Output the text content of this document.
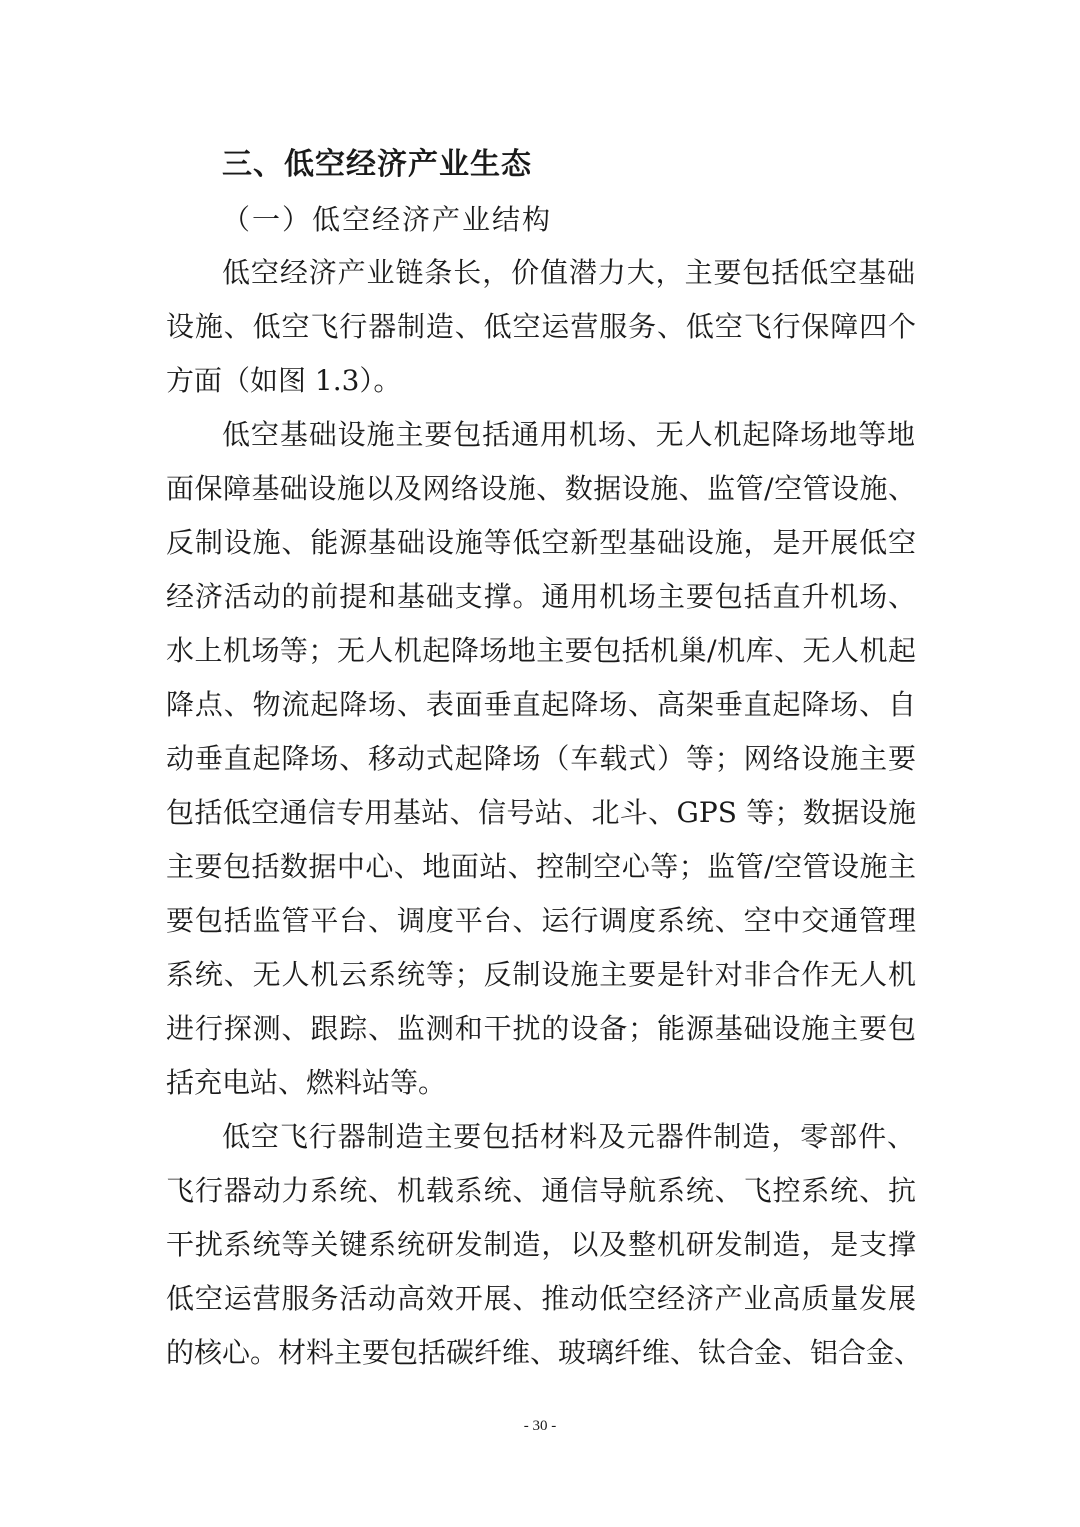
三、低空经济产业生态
（一）低空经济产业结构
低空经济产业链条长，价值潜力大，主要包括低空基础
设施、低空飞行器制造、低空运营服务、低空飞行保障四个
方面（如图 1.3）。
低空基础设施主要包括通用机场、无人机起降场地等地
面保障基础设施以及网络设施、数据设施、监管/空管设施、
反制设施、能源基础设施等低空新型基础设施，是开展低空
经济活动的前提和基础支撑。通用机场主要包括直升机场、
水上机场等；无人机起降场地主要包括机巢/机库、无人机起
降点、物流起降场、表面垂直起降场、高架垂直起降场、自
动垂直起降场、移动式起降场（车载式）等；网络设施主要
包括低空通信专用基站、信号站、北斗、GPS 等；数据设施
主要包括数据中心、地面站、控制空心等；监管/空管设施主
要包括监管平台、调度平台、运行调度系统、空中交通管理
系统、无人机云系统等；反制设施主要是针对非合作无人机
进行探测、跟踪、监测和干扰的设备；能源基础设施主要包
括充电站、燃料站等。
低空飞行器制造主要包括材料及元器件制造，零部件、
飞行器动力系统、机载系统、通信导航系统、飞控系统、抗
干扰系统等关键系统研发制造，以及整机研发制造，是支撑
低空运营服务活动高效开展、推动低空经济产业高质量发展
的核心。材料主要包括碳纤维、玻璃纤维、钛合金、铝合金、
- 30 -
